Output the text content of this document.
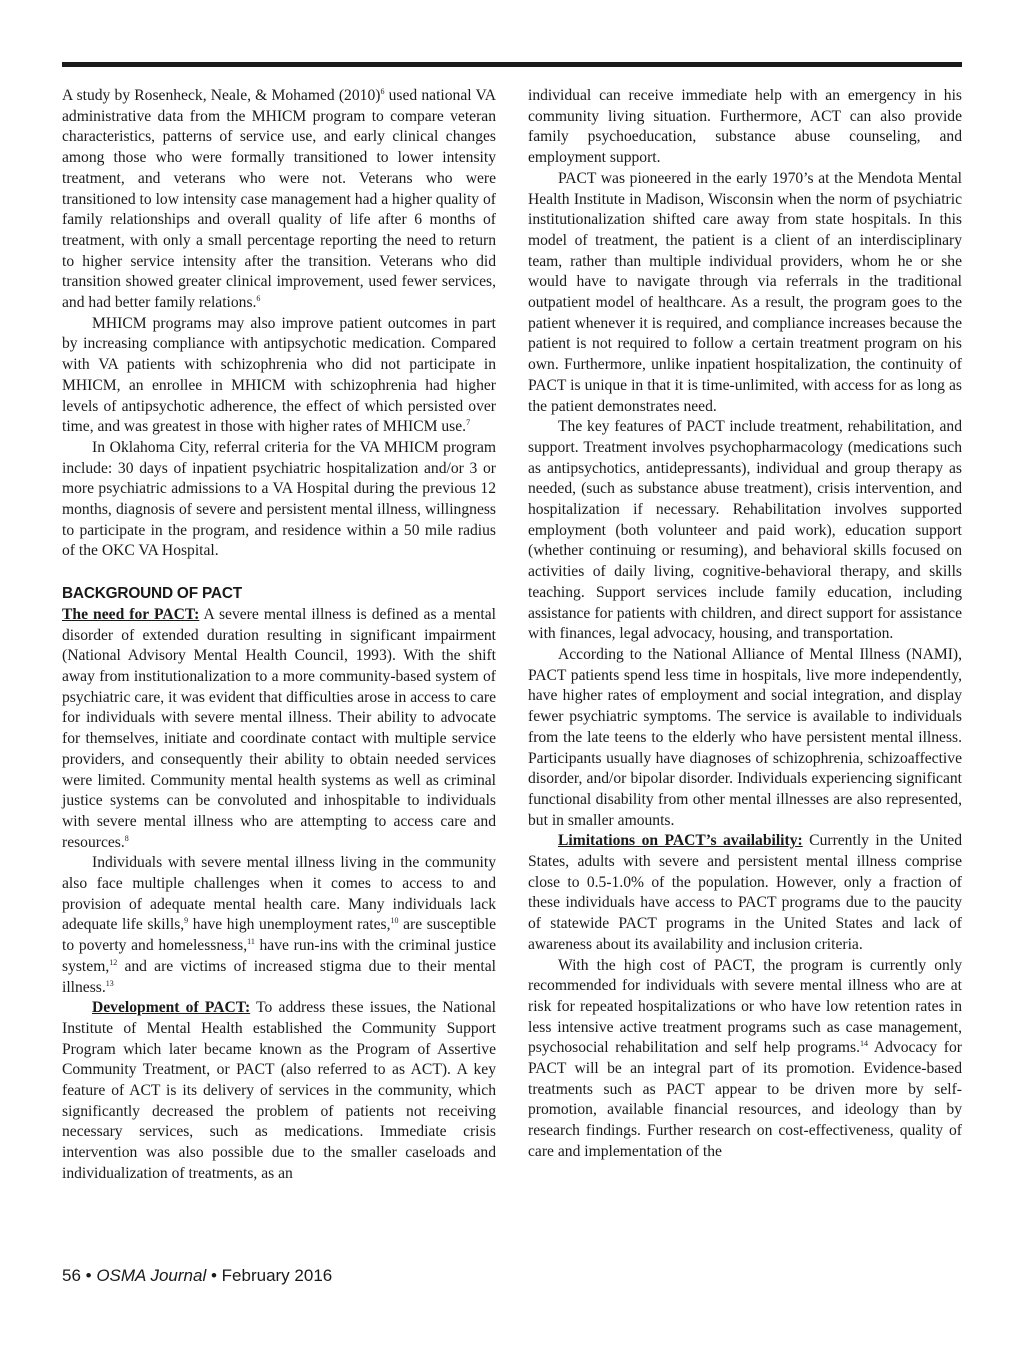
A study by Rosenheck, Neale, & Mohamed $(2010)^6$ used national VA administrative data from the MHICM program to compare veteran characteristics, patterns of service use, and early clinical changes among those who were formally transitioned to lower intensity treatment, and veterans who were not. Veterans who were transitioned to low intensity case management had a higher quality of family relationships and overall quality of life after 6 months of treatment, with only a small percentage reporting the need to return to higher service intensity after the transition. Veterans who did transition showed greater clinical improvement, used fewer services, and had better family relations.$^6$

MHICM programs may also improve patient outcomes in part by increasing compliance with antipsychotic medication. Compared with VA patients with schizophrenia who did not participate in MHICM, an enrollee in MHICM with schizophrenia had higher levels of antipsychotic adherence, the effect of which persisted over time, and was greatest in those with higher rates of MHICM use.$^7$

In Oklahoma City, referral criteria for the VA MHICM program include: 30 days of inpatient psychiatric hospitalization and/or 3 or more psychiatric admissions to a VA Hospital during the previous 12 months, diagnosis of severe and persistent mental illness, willingness to participate in the program, and residence within a 50 mile radius of the OKC VA Hospital.

BACKGROUND OF PACT

The need for PACT: A severe mental illness is defined as a mental disorder of extended duration resulting in significant impairment (National Advisory Mental Health Council, 1993). With the shift away from institutionalization to a more community-based system of psychiatric care, it was evident that difficulties arose in access to care for individuals with severe mental illness. Their ability to advocate for themselves, initiate and coordinate contact with multiple service providers, and consequently their ability to obtain needed services were limited. Community mental health systems as well as criminal justice systems can be convoluted and inhospitable to individuals with severe mental illness who are attempting to access care and resources.$^8$

Individuals with severe mental illness living in the community also face multiple challenges when it comes to access to and provision of adequate mental health care. Many individuals lack adequate life skills,$^9$ have high unemployment rates,$^{10}$ are susceptible to poverty and homelessness,$^{11}$ have run-ins with the criminal justice system,$^{12}$ and are victims of increased stigma due to their mental illness.$^{13}$

Development of PACT: To address these issues, the National Institute of Mental Health established the Community Support Program which later became known as the Program of Assertive Community Treatment, or PACT (also referred to as ACT). A key feature of ACT is its delivery of services in the community, which significantly decreased the problem of patients not receiving necessary services, such as medications. Immediate crisis intervention was also possible due to the smaller caseloads and individualization of treatments, as an

individual can receive immediate help with an emergency in his community living situation. Furthermore, ACT can also provide family psychoeducation, substance abuse counseling, and employment support.

PACT was pioneered in the early 1970’s at the Mendota Mental Health Institute in Madison, Wisconsin when the norm of psychiatric institutionalization shifted care away from state hospitals. In this model of treatment, the patient is a client of an interdisciplinary team, rather than multiple individual providers, whom he or she would have to navigate through via referrals in the traditional outpatient model of healthcare. As a result, the program goes to the patient whenever it is required, and compliance increases because the patient is not required to follow a certain treatment program on his own. Furthermore, unlike inpatient hospitalization, the continuity of PACT is unique in that it is time-unlimited, with access for as long as the patient demonstrates need.

The key features of PACT include treatment, rehabilitation, and support. Treatment involves psychopharmacology (medications such as antipsychotics, antidepressants), individual and group therapy as needed, (such as substance abuse treatment), crisis intervention, and hospitalization if necessary. Rehabilitation involves supported employment (both volunteer and paid work), education support (whether continuing or resuming), and behavioral skills focused on activities of daily living, cognitive-behavioral therapy, and skills teaching. Support services include family education, including assistance for patients with children, and direct support for assistance with finances, legal advocacy, housing, and transportation.

According to the National Alliance of Mental Illness (NAMI), PACT patients spend less time in hospitals, live more independently, have higher rates of employment and social integration, and display fewer psychiatric symptoms. The service is available to individuals from the late teens to the elderly who have persistent mental illness. Participants usually have diagnoses of schizophrenia, schizoaffective disorder, and/or bipolar disorder. Individuals experiencing significant functional disability from other mental illnesses are also represented, but in smaller amounts.

Limitations on PACT’s availability: Currently in the United States, adults with severe and persistent mental illness comprise close to 0.5-1.0% of the population. However, only a fraction of these individuals have access to PACT programs due to the paucity of statewide PACT programs in the United States and lack of awareness about its availability and inclusion criteria.

With the high cost of PACT, the program is currently only recommended for individuals with severe mental illness who are at risk for repeated hospitalizations or who have low retention rates in less intensive active treatment programs such as case management, psychosocial rehabilitation and self help programs.$^{14}$ Advocacy for PACT will be an integral part of its promotion. Evidence-based treatments such as PACT appear to be driven more by self-promotion, available financial resources, and ideology than by research findings. Further research on cost-effectiveness, quality of care and implementation of the

56 • OSMA Journal • February 2016
